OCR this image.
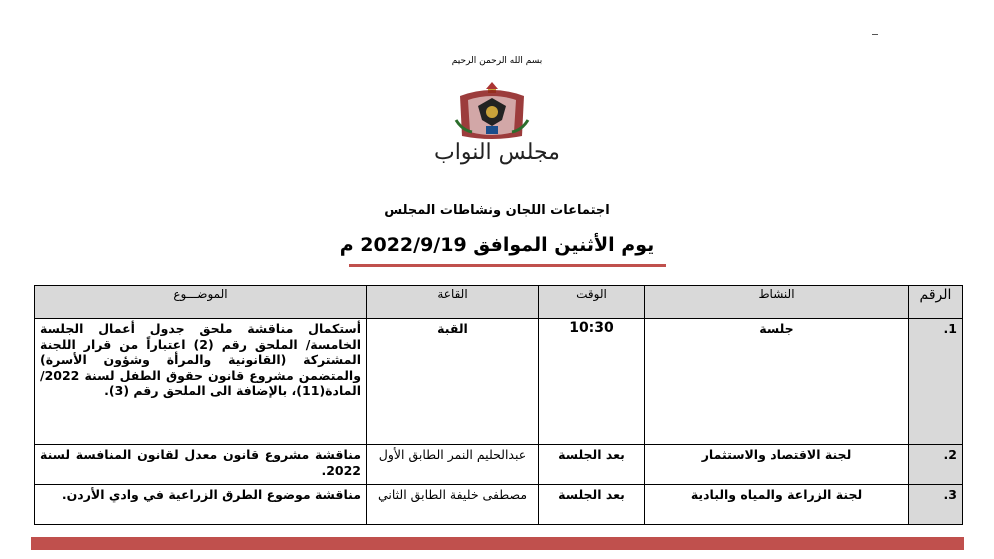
بسم الله الرحمن الرحيم
مجلس النواب
اجتماعات اللجان ونشاطات المجلس
يوم الأثنين الموافق 2022/9/19 م
الرقم	النشاط	الوقت	القاعة	الموضـــوع
1.	جلسة	10:30	القبة	أستكمال مناقشة ملحق جدول أعمال الجلسة الخامسة/ الملحق رقم (2) اعتباراً من قرار اللجنة المشتركة (القانونية والمرأة وشؤون الأسرة) والمتضمن مشروع قانون حقوق الطفل لسنة 2022/المادة(11)، بالإضافة الى الملحق رقم (3).
2.	لجنة الاقتصاد والاستثمار	بعد الجلسة	عبدالحليم النمر الطابق الأول	مناقشة مشروع قانون معدل لقانون المنافسة لسنة 2022.
3.	لجنة الزراعة والمياه والبادية	بعد الجلسة	مصطفى خليفة الطابق الثاني	مناقشة موضوع الطرق الزراعية في وادي الأردن.
